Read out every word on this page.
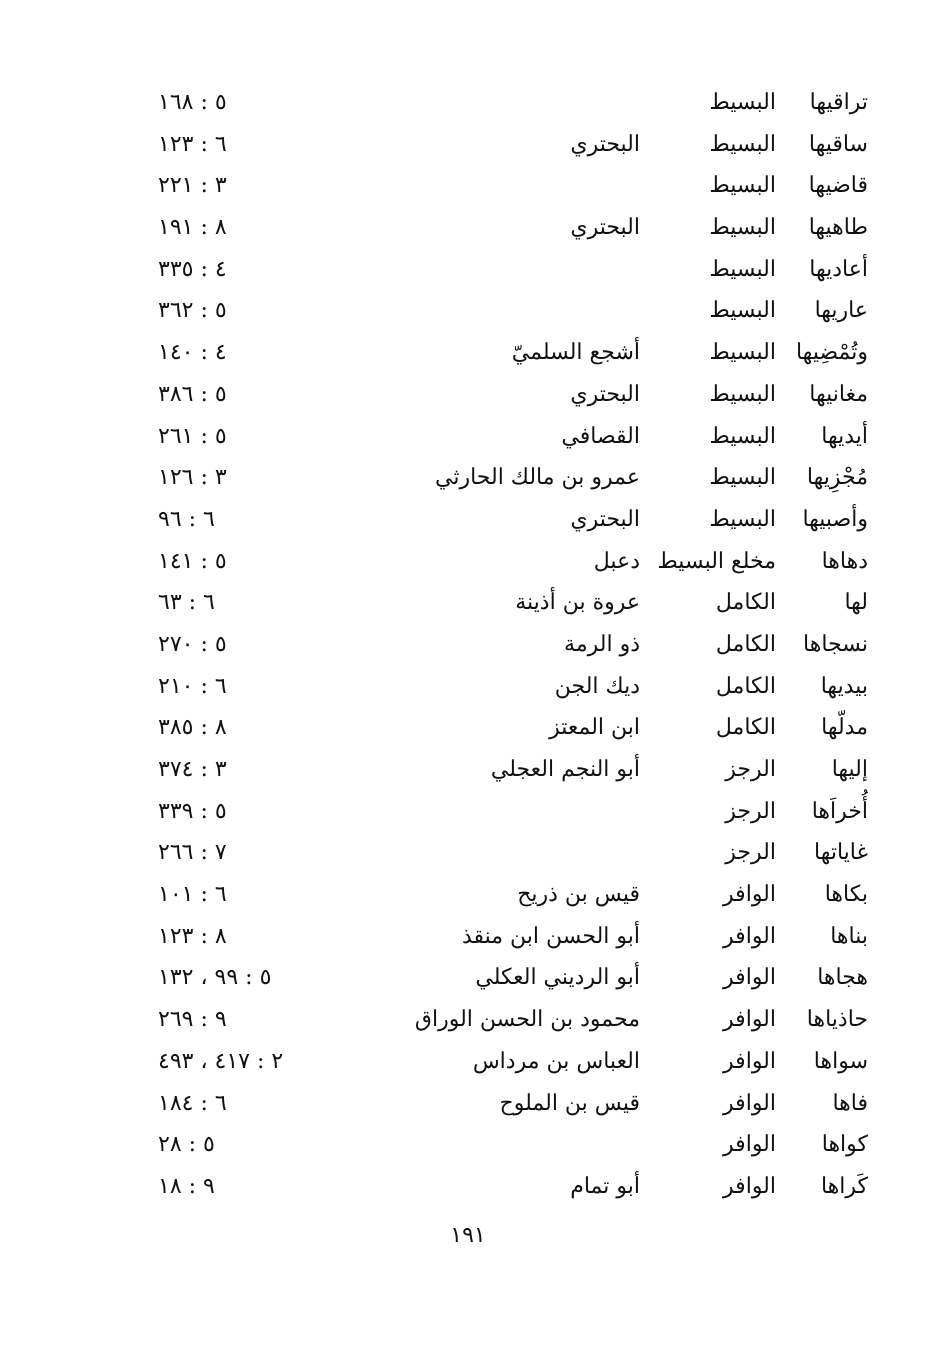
تراقيها
البسيط
٥ : ١٦٨
ساقيها
البسيط
البحتري
٦ : ١٢٣
قاضيها
البسيط
٣ : ٢٢١
طاهيها
البسيط
البحتري
٨ : ١٩١
أعاديها
البسيط
٤ : ٣٣٥
عاريها
البسيط
٥ : ٣٦٢
وتُمْضِيها
البسيط
أشجع السلميّ
٤ : ١٤٠
مغانيها
البسيط
البحتري
٥ : ٣٨٦
أيديها
البسيط
القصافي
٥ : ٢٦١
مُجْزِيها
البسيط
عمرو بن مالك الحارثي
٣ : ١٢٦
وأصبيها
البسيط
البحتري
٦ : ٩٦
دهاها
مخلع البسيط
دعبل
٥ : ١٤١
لها
الكامل
عروة بن أذينة
٦ : ٦٣
نسجاها
الكامل
ذو الرمة
٥ : ٢٧٠
بيديها
الكامل
ديك الجن
٦ : ٢١٠
مدلّها
الكامل
ابن المعتز
٨ : ٣٨٥
إليها
الرجز
أبو النجم العجلي
٣ : ٣٧٤
أُخراَها
الرجز
٥ : ٣٣٩
غاياتها
الرجز
٧ : ٢٦٦
بكاها
الوافر
قيس بن ذريح
٦ : ١٠١
بناها
الوافر
أبو الحسن ابن منقذ
٨ : ١٢٣
هجاها
الوافر
أبو الرديني العكلي
٥ : ٩٩ ، ١٣٢
حاذياها
الوافر
محمود بن الحسن الوراق
٩ : ٢٦٩
سواها
الوافر
العباس بن مرداس
٢ : ٤١٧ ، ٤٩٣
فاها
الوافر
قيس بن الملوح
٦ : ١٨٤
كواها
الوافر
٥ : ٢٨
كَراها
الوافر
أبو تمام
٩ : ١٨
١٩١
